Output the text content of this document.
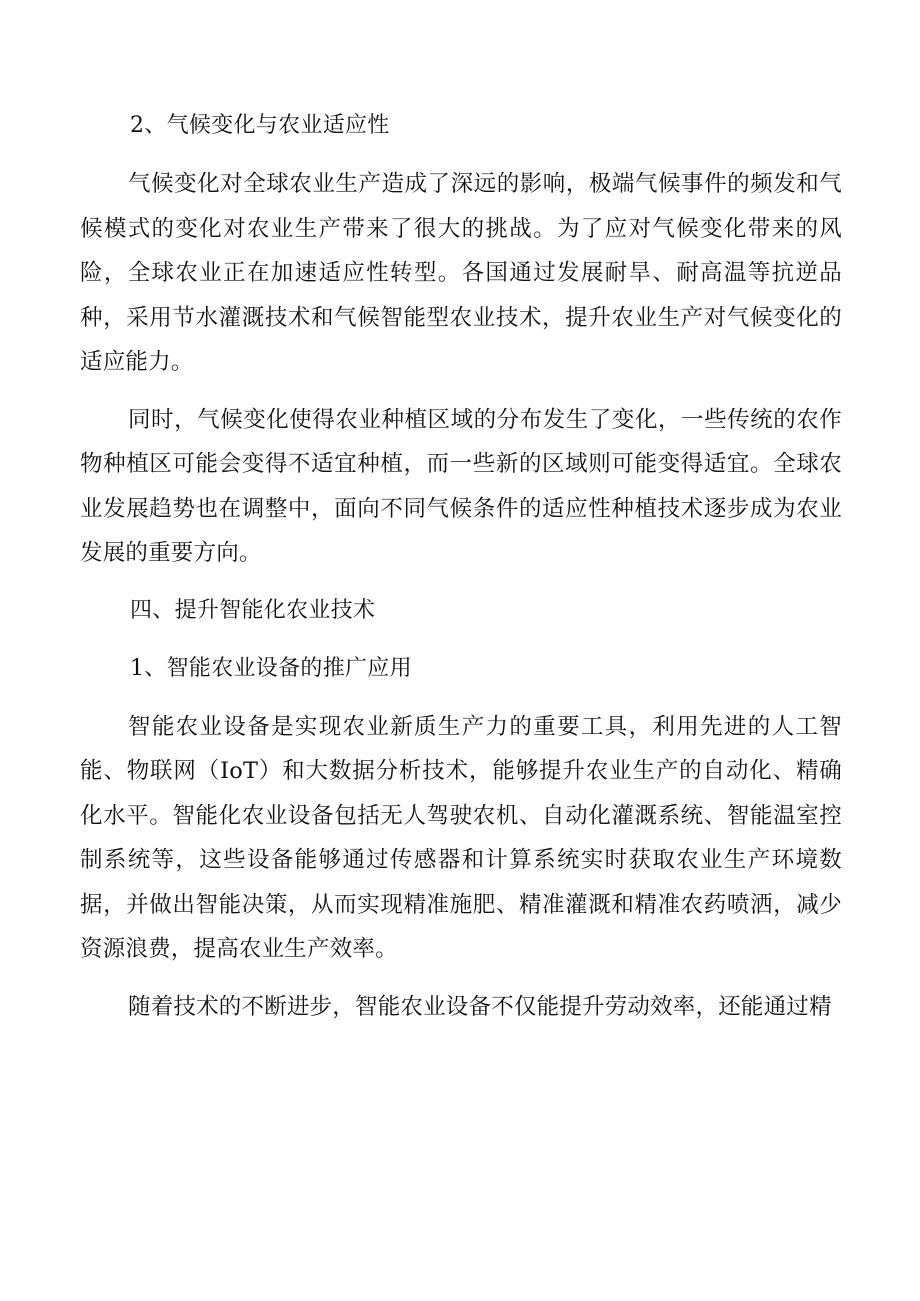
2、气候变化与农业适应性

气候变化对全球农业生产造成了深远的影响，极端气候事件的频发和气候模式的变化对农业生产带来了很大的挑战。为了应对气候变化带来的风险，全球农业正在加速适应性转型。各国通过发展耐旱、耐高温等抗逆品种，采用节水灌溉技术和气候智能型农业技术，提升农业生产对气候变化的适应能力。

同时，气候变化使得农业种植区域的分布发生了变化，一些传统的农作物种植区可能会变得不适宜种植，而一些新的区域则可能变得适宜。全球农业发展趋势也在调整中，面向不同气候条件的适应性种植技术逐步成为农业发展的重要方向。

四、提升智能化农业技术
1、智能农业设备的推广应用

智能农业设备是实现农业新质生产力的重要工具，利用先进的人工智能、物联网（IoT）和大数据分析技术，能够提升农业生产的自动化、精确化水平。智能化农业设备包括无人驾驶农机、自动化灌溉系统、智能温室控制系统等，这些设备能够通过传感器和计算系统实时获取农业生产环境数据，并做出智能决策，从而实现精准施肥、精准灌溉和精准农药喷洒，减少资源浪费，提高农业生产效率。

随着技术的不断进步，智能农业设备不仅能提升劳动效率，还能通过精
